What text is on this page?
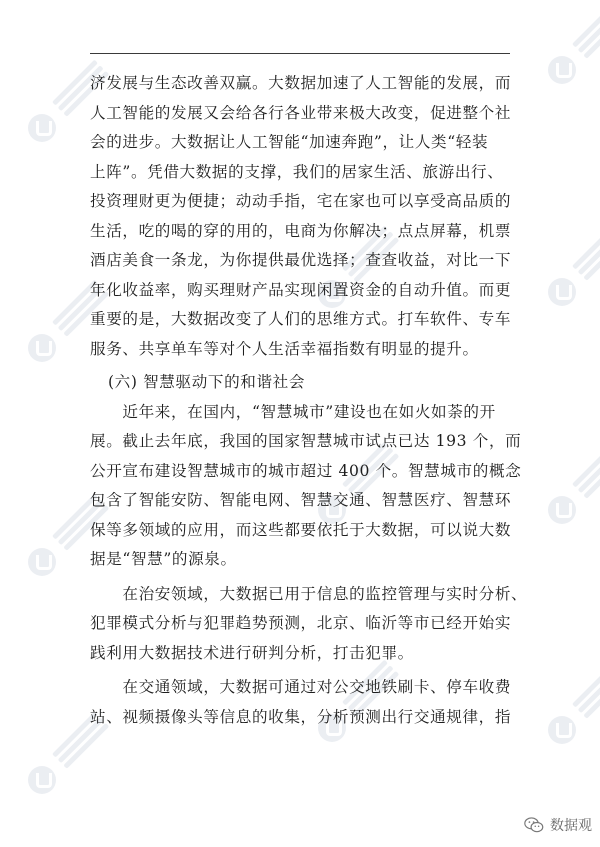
济发展与生态改善双赢。大数据加速了人工智能的发展，而
人工智能的发展又会给各行各业带来极大改变，促进整个社
会的进步。大数据让人工智能“加速奔跑”，让人类“轻装
上阵”。凭借大数据的支撑，我们的居家生活、旅游出行、
投资理财更为便捷；动动手指，宅在家也可以享受高品质的
生活，吃的喝的穿的用的，电商为你解决；点点屏幕，机票
酒店美食一条龙，为你提供最优选择；查查收益，对比一下
年化收益率，购买理财产品实现闲置资金的自动升值。而更
重要的是，大数据改变了人们的思维方式。打车软件、专车
服务、共享单车等对个人生活幸福指数有明显的提升。
(六) 智慧驱动下的和谐社会
　　近年来，在国内，“智慧城市”建设也在如火如荼的开
展。截止去年底，我国的国家智慧城市试点已达 193 个，而
公开宣布建设智慧城市的城市超过 400 个。智慧城市的概念
包含了智能安防、智能电网、智慧交通、智慧医疗、智慧环
保等多领域的应用，而这些都要依托于大数据，可以说大数
据是“智慧”的源泉。
　　在治安领域，大数据已用于信息的监控管理与实时分析、
犯罪模式分析与犯罪趋势预测，北京、临沂等市已经开始实
践利用大数据技术进行研判分析，打击犯罪。
　　在交通领域，大数据可通过对公交地铁刷卡、停车收费
站、视频摄像头等信息的收集，分析预测出行交通规律，指
数据观
